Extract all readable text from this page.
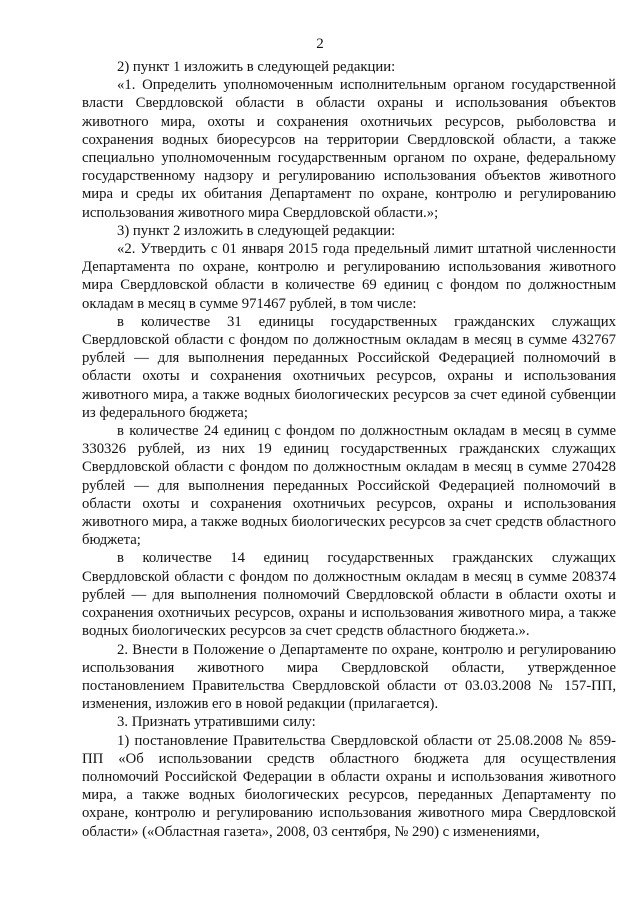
2

2) пункт 1 изложить в следующей редакции:

«1. Определить уполномоченным исполнительным органом государственной власти Свердловской области в области охраны и использования объектов животного мира, охоты и сохранения охотничьих ресурсов, рыболовства и сохранения водных биоресурсов на территории Свердловской области, а также специально уполномоченным государственным органом по охране, федеральному государственному надзору и регулированию использования объектов животного мира и среды их обитания Департамент по охране, контролю и регулированию использования животного мира Свердловской области.»;

3) пункт 2 изложить в следующей редакции:

«2. Утвердить с 01 января 2015 года предельный лимит штатной численности Департамента по охране, контролю и регулированию использования животного мира Свердловской области в количестве 69 единиц с фондом по должностным окладам в месяц в сумме 971467 рублей, в том числе:

в количестве 31 единицы государственных гражданских служащих Свердловской области с фондом по должностным окладам в месяц в сумме 432767 рублей — для выполнения переданных Российской Федерацией полномочий в области охоты и сохранения охотничьих ресурсов, охраны и использования животного мира, а также водных биологических ресурсов за счет единой субвенции из федерального бюджета;

в количестве 24 единиц с фондом по должностным окладам в месяц в сумме 330326 рублей, из них 19 единиц государственных гражданских служащих Свердловской области с фондом по должностным окладам в месяц в сумме 270428 рублей — для выполнения переданных Российской Федерацией полномочий в области охоты и сохранения охотничьих ресурсов, охраны и использования животного мира, а также водных биологических ресурсов за счет средств областного бюджета;

в количестве 14 единиц государственных гражданских служащих Свердловской области с фондом по должностным окладам в месяц в сумме 208374 рублей — для выполнения полномочий Свердловской области в области охоты и сохранения охотничьих ресурсов, охраны и использования животного мира, а также водных биологических ресурсов за счет средств областного бюджета.».

2. Внести в Положение о Департаменте по охране, контролю и регулированию использования животного мира Свердловской области, утвержденное постановлением Правительства Свердловской области от 03.03.2008 № 157-ПП, изменения, изложив его в новой редакции (прилагается).

3. Признать утратившими силу:

1) постановление Правительства Свердловской области от 25.08.2008 № 859-ПП «Об использовании средств областного бюджета для осуществления полномочий Российской Федерации в области охраны и использования животного мира, а также водных биологических ресурсов, переданных Департаменту по охране, контролю и регулированию использования животного мира Свердловской области» («Областная газета», 2008, 03 сентября, № 290) с изменениями,
